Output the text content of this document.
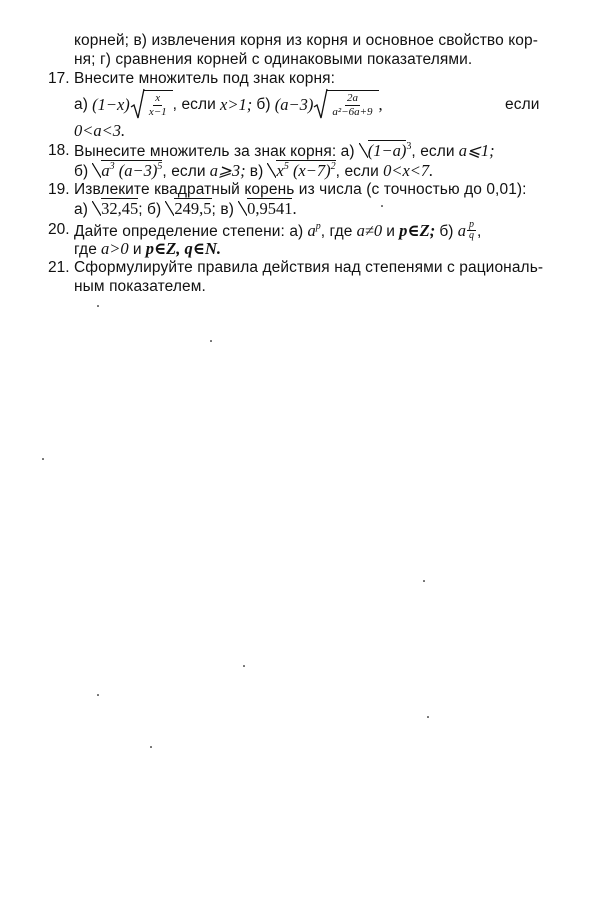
корней; в) извлечения корня из корня и основное свойство кор-
ня; г) сравнения корней с одинаковыми показателями.
17. Внесите множитель под знак корня:
а)
$(1-x) \frac{x}{x-1}$ , если
x>1;
б)
$(a-3) \frac{2a}{\text{a²−6a+9}}$ ,	если
0<a<3.
18. Вынесите множитель за знак корня: а) $(1-a)^3$, если a⩽1;
б) $a^3$ $(a-3)^5$, если a⩾3; в) $x^5$ $(x-7)^2$, если 0<x<7.
19. Извлеките квадратный корень из числа (с точностью до 0,01):
а) 32,45; б) 249,5; в) 0,9541.
20. Дайте определение степени: а) $a^p$, где a≠0 и p∈Z; б) a $\frac{p}{q}$ ,
где a>0 и p∈Z, q∈N.
21. Сформулируйте правила действия над степенями с рациональ-
ным показателем.
